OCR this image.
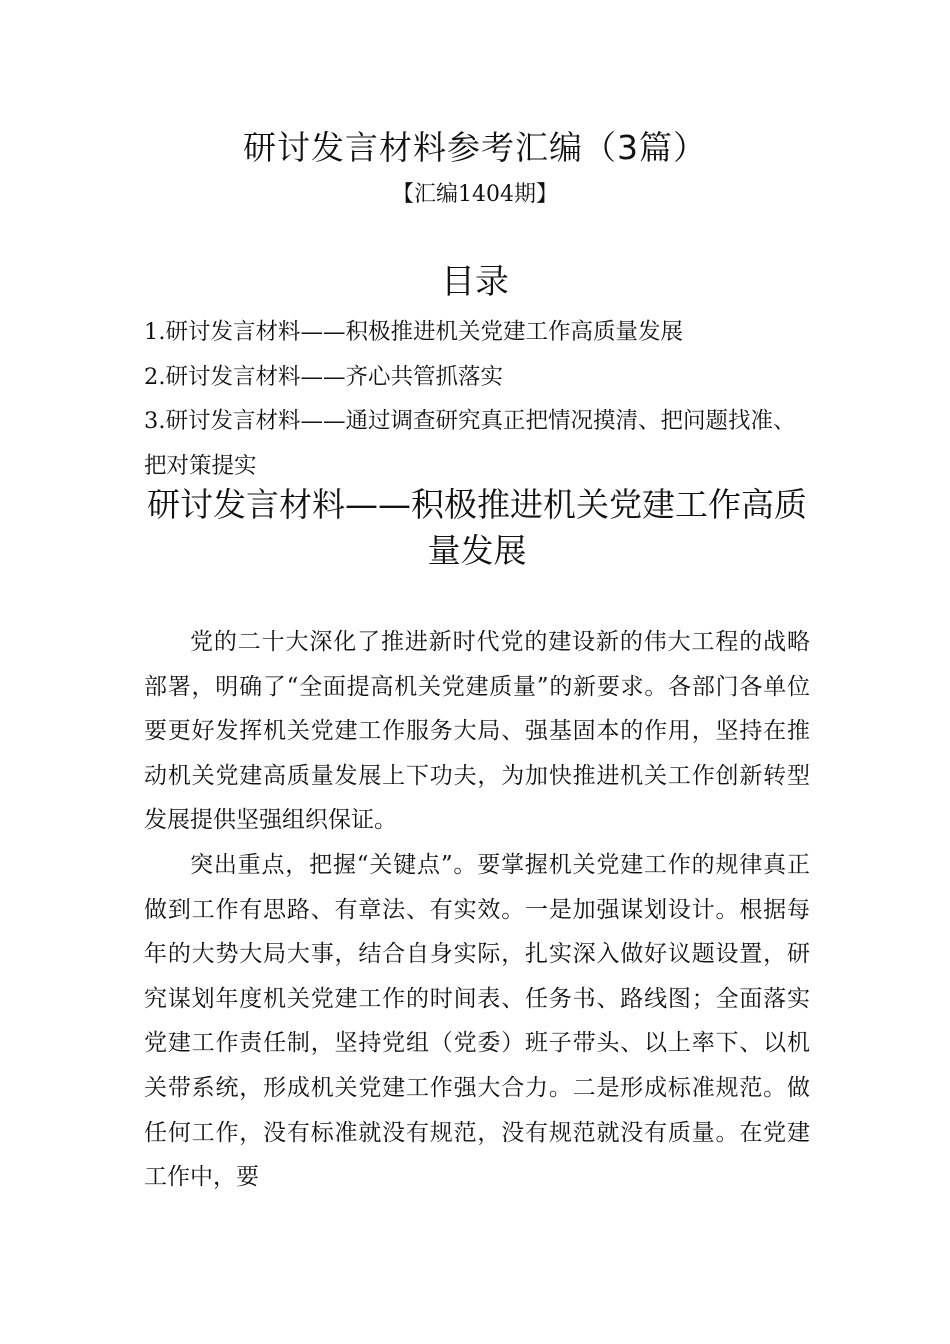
研讨发言材料参考汇编（3篇）
【汇编1404期】
目录
1.研讨发言材料——积极推进机关党建工作高质量发展
2.研讨发言材料——齐心共管抓落实
3.研讨发言材料——通过调查研究真正把情况摸清、把问题找准、把对策提实
研讨发言材料——积极推进机关党建工作高质量发展

党的二十大深化了推进新时代党的建设新的伟大工程的战略部署，明确了“全面提高机关党建质量”的新要求。各部门各单位要更好发挥机关党建工作服务大局、强基固本的作用，坚持在推动机关党建高质量发展上下功夫，为加快推进机关工作创新转型发展提供坚强组织保证。

突出重点，把握“关键点”。要掌握机关党建工作的规律真正做到工作有思路、有章法、有实效。一是加强谋划设计。根据每年的大势大局大事，结合自身实际，扎实深入做好议题设置，研究谋划年度机关党建工作的时间表、任务书、路线图；全面落实党建工作责任制，坚持党组（党委）班子带头、以上率下、以机关带系统，形成机关党建工作强大合力。二是形成标准规范。做任何工作，没有标准就没有规范，没有规范就没有质量。在党建工作中，要
